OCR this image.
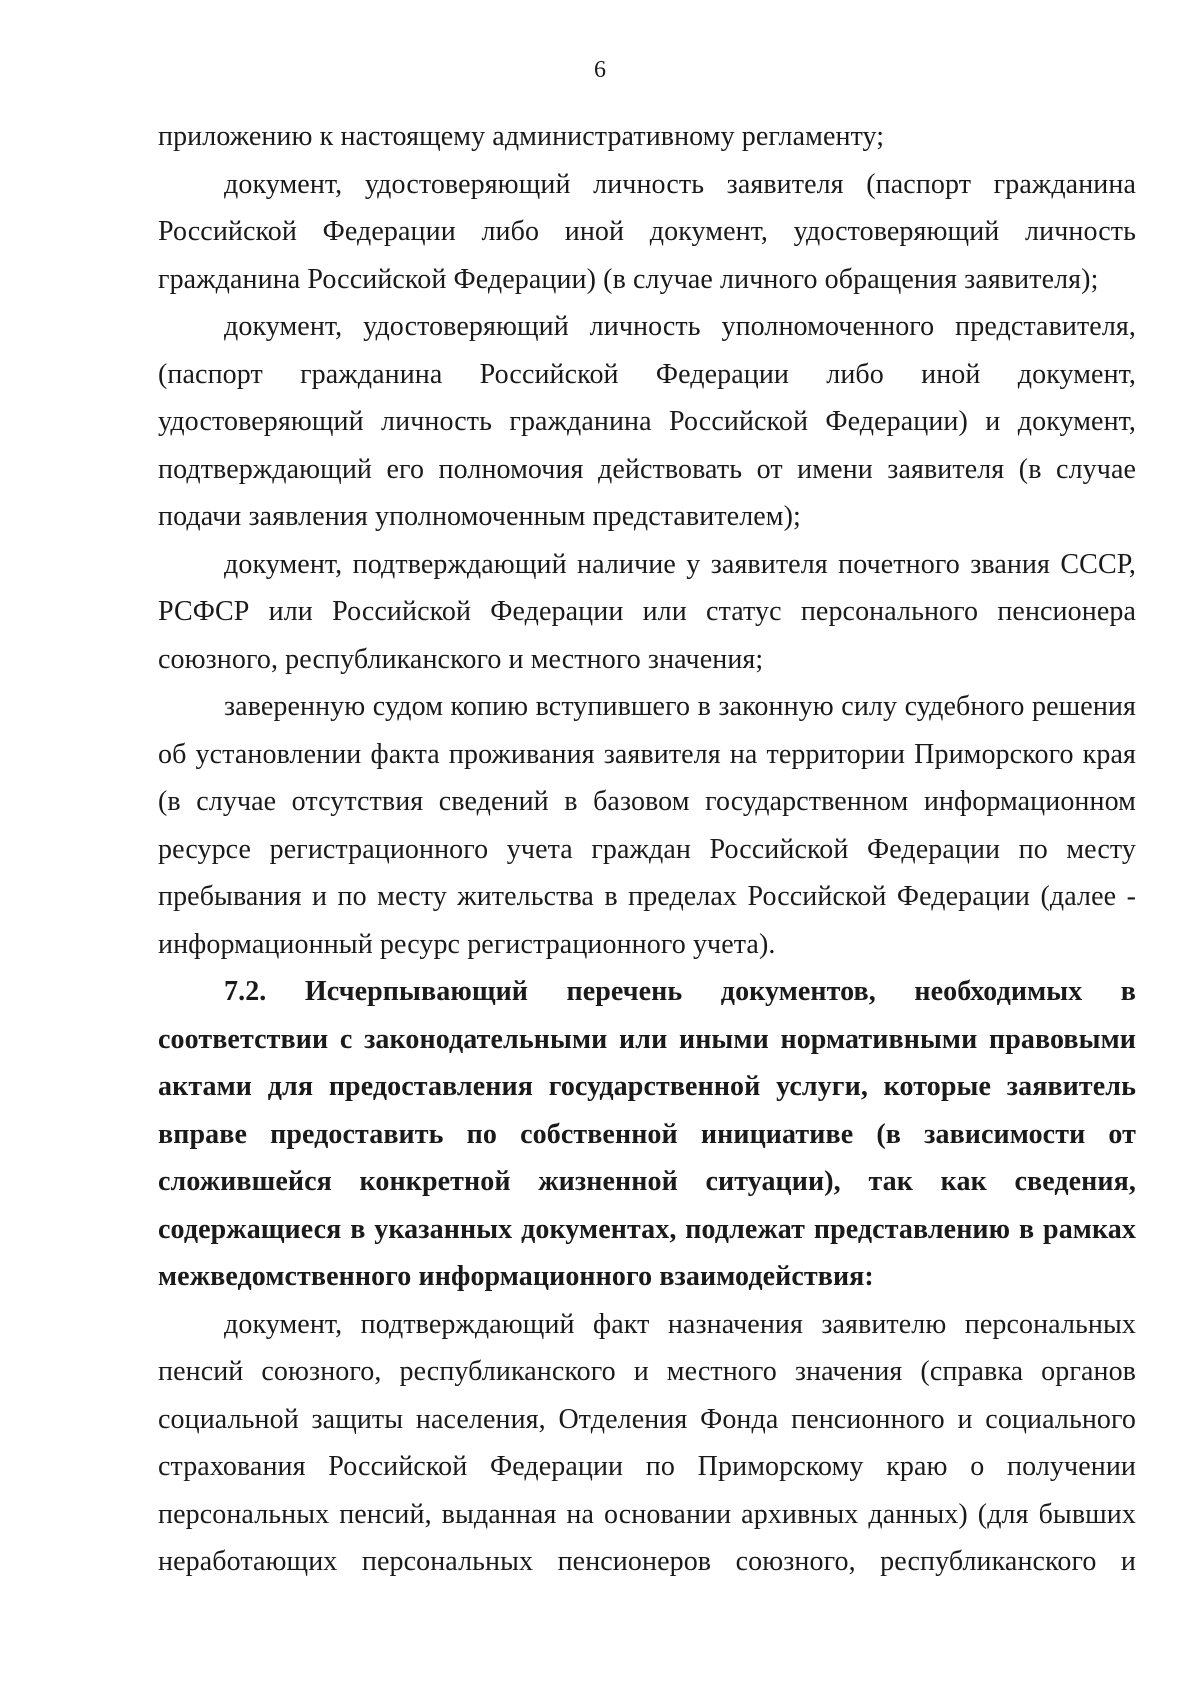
6

приложению к настоящему административному регламенту;

документ, удостоверяющий личность заявителя (паспорт гражданина Российской Федерации либо иной документ, удостоверяющий личность гражданина Российской Федерации) (в случае личного обращения заявителя);

документ, удостоверяющий личность уполномоченного представителя, (паспорт гражданина Российской Федерации либо иной документ, удостоверяющий личность гражданина Российской Федерации) и документ, подтверждающий его полномочия действовать от имени заявителя (в случае подачи заявления уполномоченным представителем);

документ, подтверждающий наличие у заявителя почетного звания СССР, РСФСР или Российской Федерации или статус персонального пенсионера союзного, республиканского и местного значения;

заверенную судом копию вступившего в законную силу судебного решения об установлении факта проживания заявителя на территории Приморского края (в случае отсутствия сведений в базовом государственном информационном ресурсе регистрационного учета граждан Российской Федерации по месту пребывания и по месту жительства в пределах Российской Федерации (далее - информационный ресурс регистрационного учета).

7.2. Исчерпывающий перечень документов, необходимых в соответствии с законодательными или иными нормативными правовыми актами для предоставления государственной услуги, которые заявитель вправе предоставить по собственной инициативе (в зависимости от сложившейся конкретной жизненной ситуации), так как сведения, содержащиеся в указанных документах, подлежат представлению в рамках межведомственного информационного взаимодействия:

документ, подтверждающий факт назначения заявителю персональных пенсий союзного, республиканского и местного значения (справка органов социальной защиты населения, Отделения Фонда пенсионного и социального страхования Российской Федерации по Приморскому краю о получении персональных пенсий, выданная на основании архивных данных) (для бывших неработающих персональных пенсионеров союзного, республиканского и
